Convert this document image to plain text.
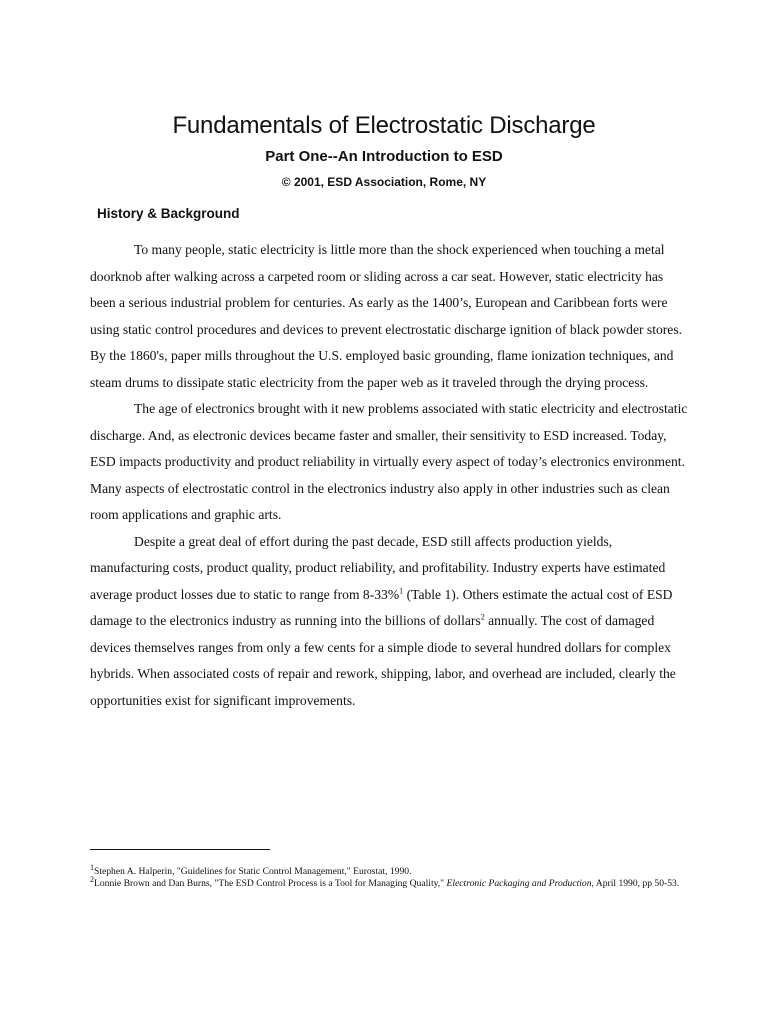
Fundamentals of Electrostatic Discharge
Part One--An Introduction to ESD
© 2001, ESD Association, Rome, NY
History & Background

To many people, static electricity is little more than the shock experienced when touching a metal doorknob after walking across a carpeted room or sliding across a car seat. However, static electricity has been a serious industrial problem for centuries. As early as the 1400’s, European and Caribbean forts were using static control procedures and devices to prevent electrostatic discharge ignition of black powder stores. By the 1860's, paper mills throughout the U.S. employed basic grounding, flame ionization techniques, and steam drums to dissipate static electricity from the paper web as it traveled through the drying process.

The age of electronics brought with it new problems associated with static electricity and electrostatic discharge. And, as electronic devices became faster and smaller, their sensitivity to ESD increased. Today, ESD impacts productivity and product reliability in virtually every aspect of today’s electronics environment. Many aspects of electrostatic control in the electronics industry also apply in other industries such as clean room applications and graphic arts.

Despite a great deal of effort during the past decade, ESD still affects production yields, manufacturing costs, product quality, product reliability, and profitability. Industry experts have estimated average product losses due to static to range from 8-33%$^1$ (Table 1). Others estimate the actual cost of ESD damage to the electronics industry as running into the billions of dollars$^2$ annually. The cost of damaged devices themselves ranges from only a few cents for a simple diode to several hundred dollars for complex hybrids. When associated costs of repair and rework, shipping, labor, and overhead are included, clearly the opportunities exist for significant improvements.

$^1$Stephen A. Halperin, "Guidelines for Static Control Management," Eurostat, 1990.

$^2$Lonnie Brown and Dan Burns, "The ESD Control Process is a Tool for Managing Quality," Electronic Packaging and Production, April 1990, pp 50-53.
